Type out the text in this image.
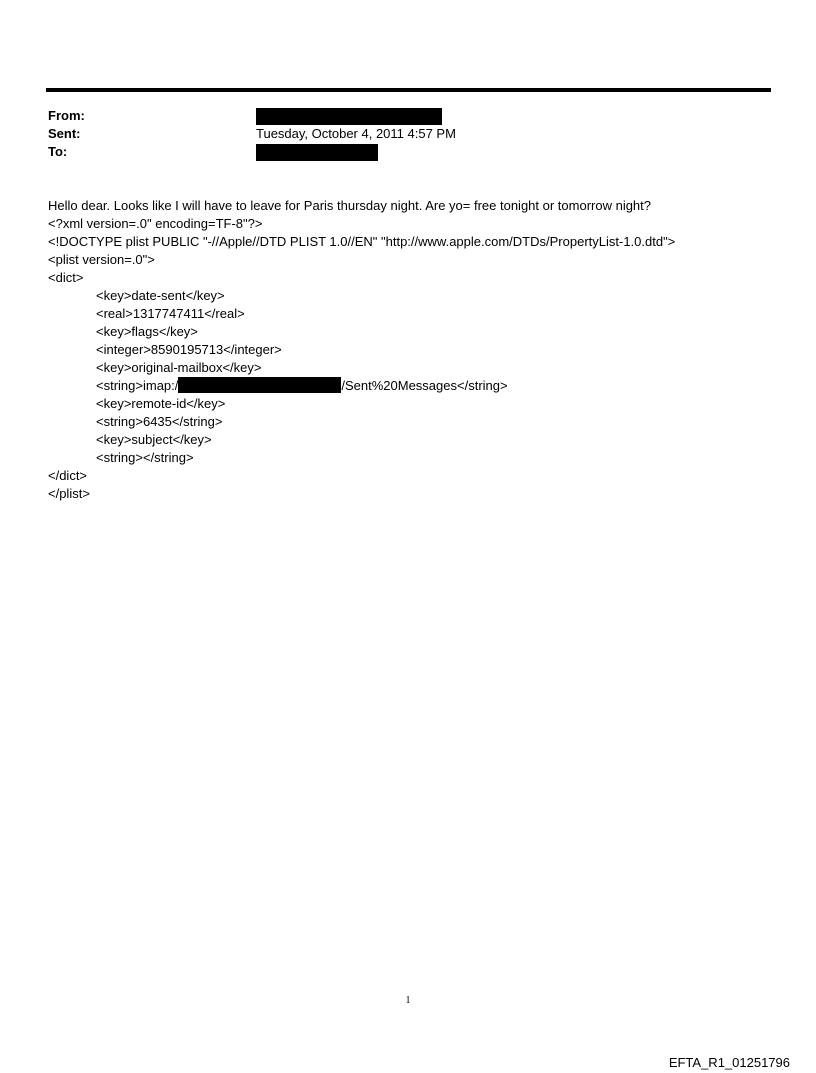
From:
Sent:	Tuesday, October 4, 2011 4:57 PM
To:
Hello dear. Looks like I will have to leave for Paris thursday night. Are yo= free tonight or tomorrow night?
<?xml version=.0" encoding=TF-8"?>
<!DOCTYPE plist PUBLIC "-//Apple//DTD PLIST 1.0//EN" "http://www.apple.com/DTDs/PropertyList-1.0.dtd">
<plist version=.0">
<dict>
<key>date-sent</key>
<real>1317747411</real>
<key>flags</key>
<integer>8590195713</integer>
<key>original-mailbox</key>
<string>imap:/	/Sent%20Messages</string>
<key>remote-id</key>
<string>6435</string>
<key>subject</key>
<string></string>
</dict>
</plist>
1
EFTA_R1_01251796
